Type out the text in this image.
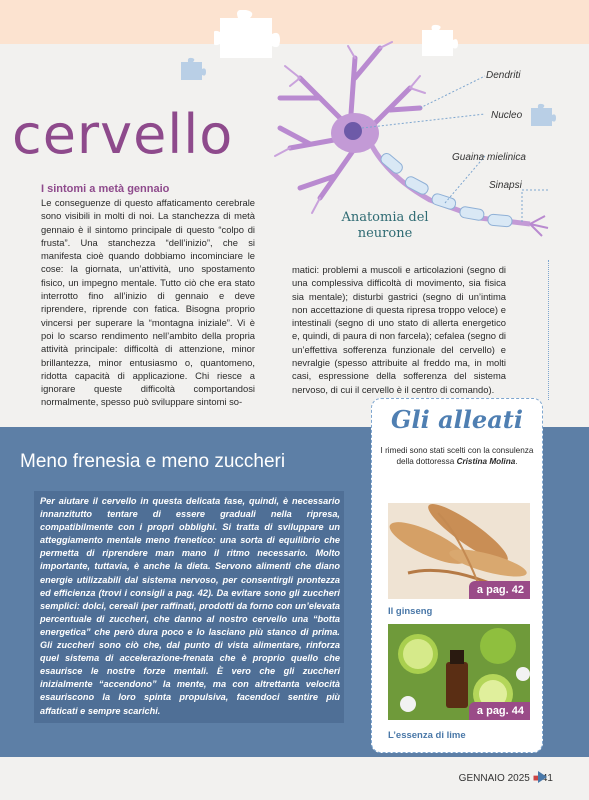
cervello
Dendriti
Nucleo
Guaina mielinica
Sinapsi
Anatomia del neurone
I sintomi a metà gennaio

Le conseguenze di questo affaticamento cerebrale sono visibili in molti di noi. La stanchezza di metà gennaio è il sintomo principale di questo “colpo di frusta”. Una stanchezza “dell’inizio”, che si manifesta cioè quando dobbiamo incominciare le cose: la giornata, un’attività, uno spostamento fisico, un impegno mentale. Tutto ciò che era stato interrotto fino all’inizio di gennaio e deve riprendere, riprende con fatica. Bisogna proprio vincersi per superare la “montagna iniziale”. Vi è poi lo scarso rendimento nell’ambito della propria attività principale: difficoltà di attenzione, minor brillantezza, minor entusiasmo o, quantomeno, ridotta capacità di applicazione. Chi riesce a ignorare queste difficoltà comportandosi normalmente, spesso può sviluppare sintomi so-

matici: problemi a muscoli e articolazioni (segno di una complessiva difficoltà di movimento, sia fisica sia mentale); disturbi gastrici (segno di un’intima non accettazione di questa ripresa troppo veloce) e intestinali (segno di uno stato di allerta energetico e, quindi, di paura di non farcela); cefalea (segno di un’effettiva sofferenza funzionale del cervello) e nevralgie (spesso attribuite al freddo ma, in molti casi, espressione della sofferenza del sistema nervoso, di cui il cervello è il centro di comando).

Meno frenesia e meno zuccheri

Per aiutare il cervello in questa delicata fase, quindi, è necessario innanzitutto tentare di essere graduali nella ripresa, compatibilmente con i propri obblighi. Si tratta di sviluppare un atteggiamento mentale meno frenetico: una sorta di equilibrio che permetta di riprendere man mano il ritmo necessario. Molto importante, tuttavia, è anche la dieta. Servono alimenti che diano energie utilizzabili dal sistema nervoso, per consentirgli prontezza ed efficienza (trovi i consigli a pag. 42). Da evitare sono gli zuccheri semplici: dolci, cereali iper raffinati, prodotti da forno con un’elevata percentuale di zuccheri, che danno al nostro cervello una “botta energetica” che però dura poco e lo lasciano più stanco di prima. Gli zuccheri sono ciò che, dal punto di vista alimentare, rinforza quel sistema di accelerazione-frenata che è proprio quello che esaurisce le nostre forze mentali. È vero che gli zuccheri inizialmente “accendono” la mente, ma con altrettanta velocità esauriscono la loro spinta propulsiva, facendoci sentire più affaticati e sempre scarichi.

Gli alleati

I rimedi sono stati scelti con la consulenza della dottoressa Cristina Molina.

a pag. 42

Il ginseng

a pag. 44

L’essenza di lime

GENNAIO 2025 ■ 41
